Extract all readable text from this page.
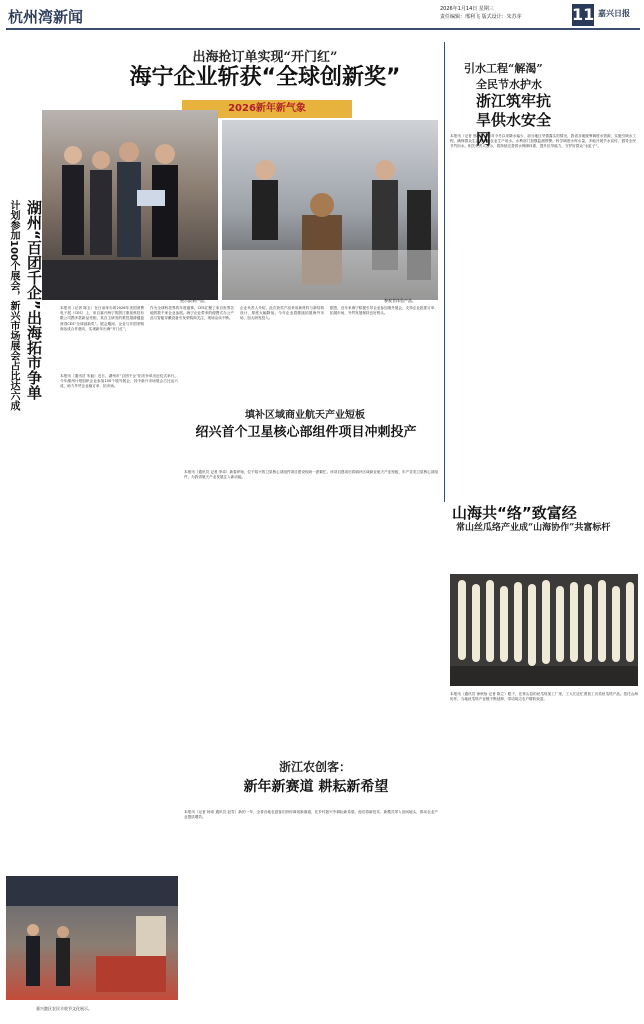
杭州湾新闻	2026年1月14日 星期三
责任编辑：邢利飞 版式设计：朱苏芽	11 嘉兴日报
出海抢订单实现“开门红”
海宁企业斩获“全球创新奖”
2026新年新气象
展示最新产品。	参观者体验产品。
本报讯（记者 陈玉）在日前举办的2026年美国消费电子展（CES）上，来自嘉兴海宁的浙江康视科技有限公司携多款新品亮相，其自主研发的柔性超薄键盘获得CES“全球创新奖”。展会期间，企业与多国采购商达成合作意向，实现新年出海“开门红”。
作为全球科技界的年度盛事，CES汇聚了来自世界各地的数千家企业参展。海宁企业带来的便携式办公产品与智能穿戴设备引发采购商关注，现场洽谈不断。
企业负责人介绍，此次获奖产品采用新材料与新结构设计，厚度大幅降低。今年企业将继续拓展海外市场，加大研发投入。
据悉，近年来海宁积极引导企业参加境外展会，支持企业抢抓订单、拓展市场，外贸发展保持良好势头。
引水工程“解渴”
全民节水护水
浙江筑牢抗旱供水安全网
本报讯（记者 邢丽英）面对今冬以来降水偏少、部分地区旱情露头的情况，我省各地统筹调度水资源，实施引调水工程，确保群众生活用水和农业生产用水。水利部门加强监测预警，科学调度水库水量，多地开展节水宣传，倡导全民节约用水。相关负责人表示，将持续完善供水保障体系，提升抗旱能力，守护好群众“水缸子”。
湖州“百团千企”出海拓市争单
计划参加100个展会，新兴市场展会占比达六成	本报讯（通讯员 朱毅）近日，湖州市“百团千企”拓市争单出征仪式举行。今年湖州计划组织企业参加100个境外展会，其中新兴市场展会占比达六成，助力外贸企业稳订单、拓市场。
填补区域商业航天产业短板
绍兴首个卫星核心部组件项目冲刺投产
本报讯（通讯员 记者 李卓）新春伊始，位于绍兴的卫星核心部组件项目建设现场一派繁忙。该项目建成后将填补区域商业航天产业短板，年产各类卫星核心部组件，为我省航天产业发展注入新动能。
浙江农创客：
新年新赛道 耕耘新希望
本报讯（记者 杨希 通讯员 赵雪）新的一年，全省各地农创客们纷纷谋划新赛道，在乡村振兴中耕耘新希望。他们将新技术、新模式带入田间地头，推动农业产业提质增效。
山海共“络”致富经
常山丝瓜络产业成“山海协作”共富标杆
本报讯（通讯员 徐秋怡 记者 陈立）眼下，在常山县的丝瓜络加工厂里，工人们正忙着加工各类丝瓜络产品。依托山海协作，当地丝瓜络产业链不断延伸，带动周边农户增收致富。
嘉兴港区农民丰收节文化展示。
